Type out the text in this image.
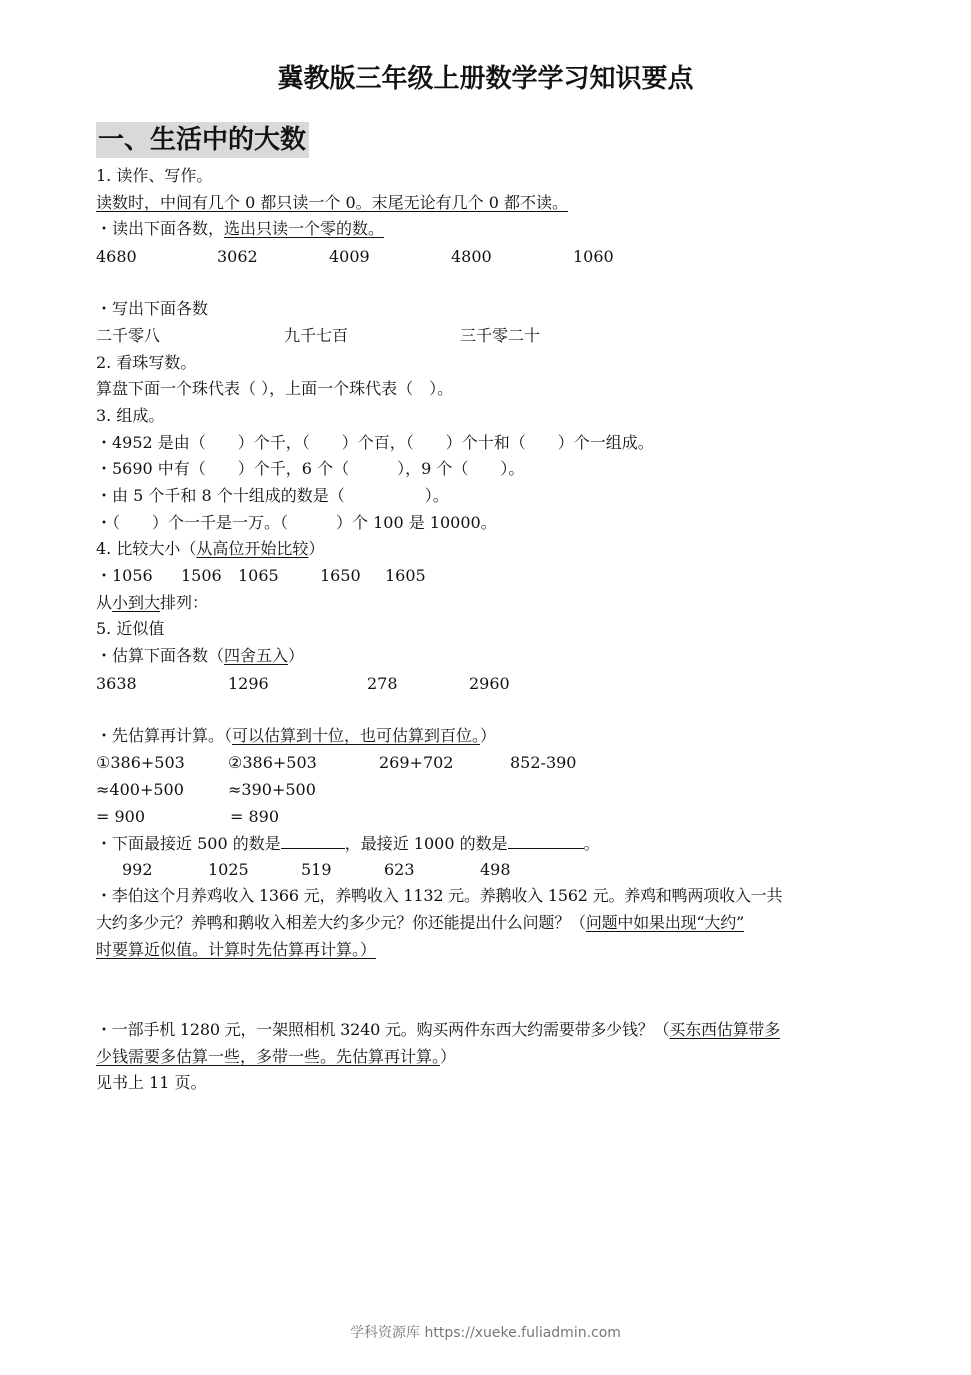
冀教版三年级上册数学学习知识要点
一、生活中的大数
1. 读作、写作。
读数时，中间有几个 0 都只读一个 0。末尾无论有几个 0 都不读。
・读出下面各数，选出只读一个零的数。
4680	3062	4009	4800	1060
・写出下面各数
二千零八	九千七百	三千零二十
2. 看珠写数。
算盘下面一个珠代表（ ），上面一个珠代表（　）。
3. 组成。
・4952 是由（　　）个千，（　　）个百，（　　）个十和（　　）个一组成。
・5690 中有（　　）个千，6 个（　　　），9 个（　　）。
・由 5 个千和 8 个十组成的数是（　　　　　）。
・（　　）个一千是一万。（　　　）个 100 是 10000。
4. 比较大小（从高位开始比较）
・1056 1506 1065	1650 1605
从小到大排列：
5. 近似值
・估算下面各数（四舍五入）
3638	1296	278	2960
・先估算再计算。（可以估算到十位，也可估算到百位。）
①386+503	②386+503	269+702	852-390
≈400+500	≈390+500
= 900	= 890
・下面最接近 500 的数是	，最接近 1000 的数是	。
992	1025	519	623	498
・李伯这个月养鸡收入 1366 元，养鸭收入 1132 元。养鹅收入 1562 元。养鸡和鸭两项收入一共
大约多少元？养鸭和鹅收入相差大约多少元？你还能提出什么问题？（问题中如果出现“大约”
时要算近似值。计算时先估算再计算。）
・一部手机 1280 元，一架照相机 3240 元。购买两件东西大约需要带多少钱？（买东西估算带多
少钱需要多估算一些，多带一些。先估算再计算。）
见书上 11 页。
学科资源库 https://xueke.fuliadmin.com
